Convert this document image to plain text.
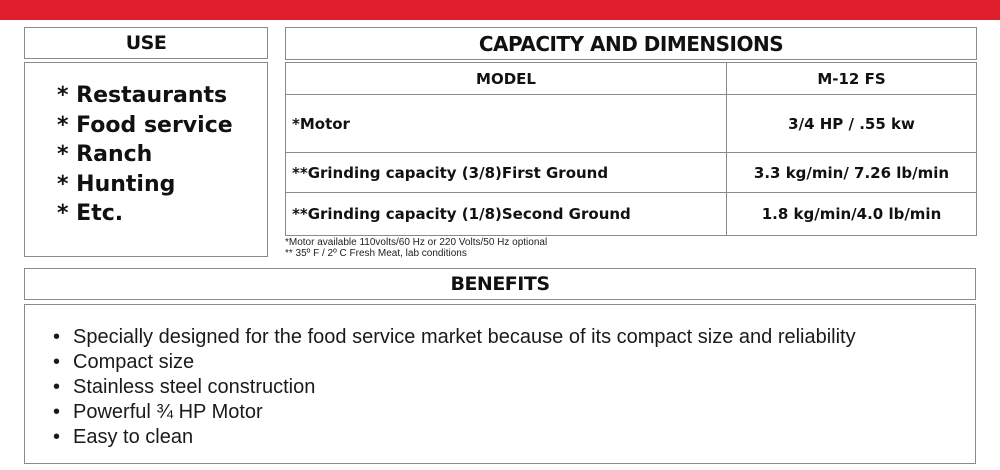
USE
* Restaurants
* Food service
* Ranch
* Hunting
* Etc.
CAPACITY AND DIMENSIONS
MODEL	M-12 FS
*Motor	3/4 HP / .55 kw
**Grinding capacity (3/8)First Ground	3.3 kg/min/ 7.26 lb/min
**Grinding capacity (1/8)Second Ground	1.8 kg/min/4.0 lb/min
*Motor available 110volts/60 Hz or 220 Volts/50 Hz optional
** 35º F / 2º C Fresh Meat, lab conditions
BENEFITS
• Specially designed for the food service market because of its compact size and reliability
• Compact size
• Stainless steel construction
• Powerful ¾ HP Motor
• Easy to clean
